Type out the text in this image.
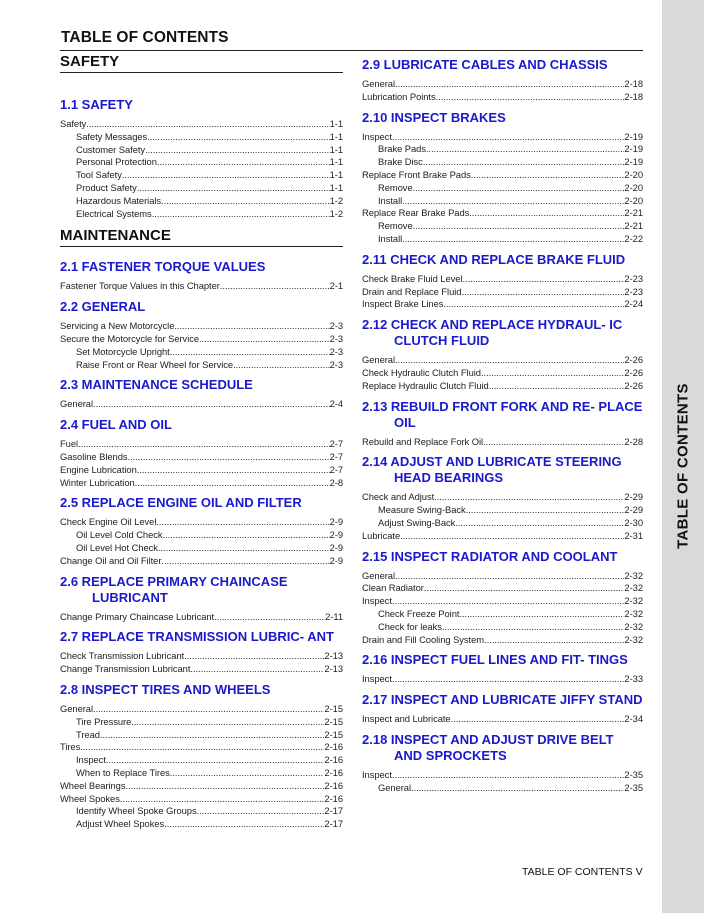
TABLE OF CONTENTS
SAFETY
1.1 SAFETY
Safety .....	1-1
Safety Messages .....	1-1
Customer Safety .....	1-1
Personal Protection .....	1-1
Tool Safety .....	1-1
Product Safety .....	1-1
Hazardous Materials .....	1-2
Electrical Systems .....	1-2
MAINTENANCE
2.1 FASTENER TORQUE VALUES
Fastener Torque Values in this Chapter .....	2-1
2.2 GENERAL
Servicing a New Motorcycle .....	2-3
Secure the Motorcycle for Service .....	2-3
Set Motorcycle Upright .....	2-3
Raise Front or Rear Wheel for Service .....	2-3
2.3 MAINTENANCE SCHEDULE
General .....	2-4
2.4 FUEL AND OIL
Fuel .....	2-7
Gasoline Blends .....	2-7
Engine Lubrication .....	2-7
Winter Lubrication .....	2-8
2.5 REPLACE ENGINE OIL AND FILTER
Check Engine Oil Level .....	2-9
Oil Level Cold Check .....	2-9
Oil Level Hot Check .....	2-9
Change Oil and Oil Filter .....	2-9
2.6 REPLACE PRIMARY CHAINCASE LUBRICANT
Change Primary Chaincase Lubricant .....	2-11
2.7 REPLACE TRANSMISSION LUBRIC- ANT
Check Transmission Lubricant .....	2-13
Change Transmission Lubricant .....	2-13
2.8 INSPECT TIRES AND WHEELS
General .....	2-15
Tire Pressure .....	2-15
Tread .....	2-15
Tires .....	2-16
Inspect .....	2-16
When to Replace Tires .....	2-16
Wheel Bearings .....	2-16
Wheel Spokes .....	2-16
Identify Wheel Spoke Groups .....	2-17
Adjust Wheel Spokes .....	2-17
2.9 LUBRICATE CABLES AND CHASSIS
General .....	2-18
Lubrication Points .....	2-18
2.10 INSPECT BRAKES
Inspect .....	2-19
Brake Pads .....	2-19
Brake Disc .....	2-19
Replace Front Brake Pads .....	2-20
Remove .....	2-20
Install .....	2-20
Replace Rear Brake Pads .....	2-21
Remove .....	2-21
Install .....	2-22
2.11 CHECK AND REPLACE BRAKE FLUID
Check Brake Fluid Level .....	2-23
Drain and Replace Fluid .....	2-23
Inspect Brake Lines .....	2-24
2.12 CHECK AND REPLACE HYDRAUL- IC CLUTCH FLUID
General .....	2-26
Check Hydraulic Clutch Fluid .....	2-26
Replace Hydraulic Clutch Fluid .....	2-26
2.13 REBUILD FRONT FORK AND RE- PLACE OIL
Rebuild and Replace Fork Oil .....	2-28
2.14 ADJUST AND LUBRICATE STEERING HEAD BEARINGS
Check and Adjust .....	2-29
Measure Swing-Back .....	2-29
Adjust Swing-Back .....	2-30
Lubricate .....	2-31
2.15 INSPECT RADIATOR AND COOLANT
General .....	2-32
Clean Radiator .....	2-32
Inspect .....	2-32
Check Freeze Point .....	2-32
Check for leaks .....	2-32
Drain and Fill Cooling System .....	2-32
2.16 INSPECT FUEL LINES AND FIT- TINGS
Inspect .....	2-33
2.17 INSPECT AND LUBRICATE JIFFY STAND
Inspect and Lubricate .....	2-34
2.18 INSPECT AND ADJUST DRIVE BELT AND SPROCKETS
Inspect .....	2-35
General .....	2-35
TABLE OF CONTENTS
TABLE OF CONTENTS V
